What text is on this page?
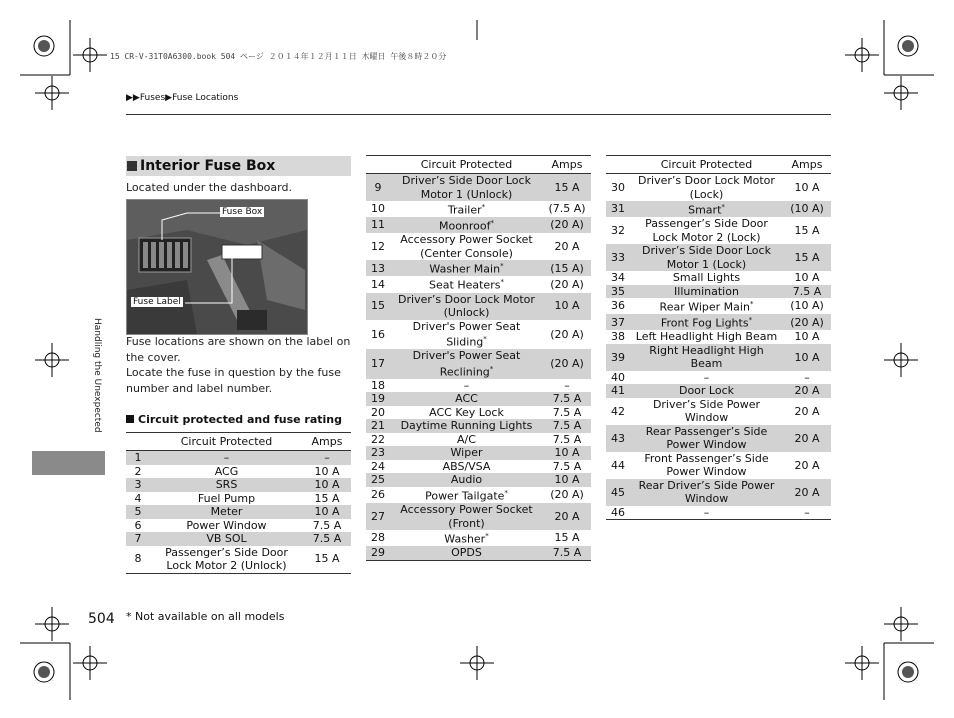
15 CR-V-31T0A6300.book 504 ページ ２０１４年１２月１１日 木曜日 午後８時２０分
▶▶Fuses▶Fuse Locations
Handling the Unexpected
Interior Fuse Box
Located under the dashboard.
Fuse Box
Fuse Label
Fuse locations are shown on the label on the cover.
Locate the fuse in question by the fuse number and label number.
Circuit protected and fuse rating
	Circuit Protected	Amps
1	–	–
2	ACG	10 A
3	SRS	10 A
4	Fuel Pump	15 A
5	Meter	10 A
6	Power Window	7.5 A
7	VB SOL	7.5 A
8	Passenger’s Side Door Lock Motor 2 (Unlock)	15 A
	Circuit Protected	Amps
9	Driver’s Side Door Lock Motor 1 (Unlock)	15 A
10	Trailer*	(7.5 A)
11	Moonroof*	(20 A)
12	Accessory Power Socket (Center Console)	20 A
13	Washer Main*	(15 A)
14	Seat Heaters*	(20 A)
15	Driver’s Door Lock Motor (Unlock)	10 A
16	Driver's Power Seat Sliding*	(20 A)
17	Driver's Power Seat Reclining*	(20 A)
18	–	–
19	ACC	7.5 A
20	ACC Key Lock	7.5 A
21	Daytime Running Lights	7.5 A
22	A/C	7.5 A
23	Wiper	10 A
24	ABS/VSA	7.5 A
25	Audio	10 A
26	Power Tailgate*	(20 A)
27	Accessory Power Socket (Front)	20 A
28	Washer*	15 A
29	OPDS	7.5 A
	Circuit Protected	Amps
30	Driver’s Door Lock Motor (Lock)	10 A
31	Smart*	(10 A)
32	Passenger’s Side Door Lock Motor 2 (Lock)	15 A
33	Driver’s Side Door Lock Motor 1 (Lock)	15 A
34	Small Lights	10 A
35	Illumination	7.5 A
36	Rear Wiper Main*	(10 A)
37	Front Fog Lights*	(20 A)
38	Left Headlight High Beam	10 A
39	Right Headlight High Beam	10 A
40	–	–
41	Door Lock	20 A
42	Driver’s Side Power Window	20 A
43	Rear Passenger’s Side Power Window	20 A
44	Front Passenger’s Side Power Window	20 A
45	Rear Driver’s Side Power Window	20 A
46	–	–
504 * Not available on all models
